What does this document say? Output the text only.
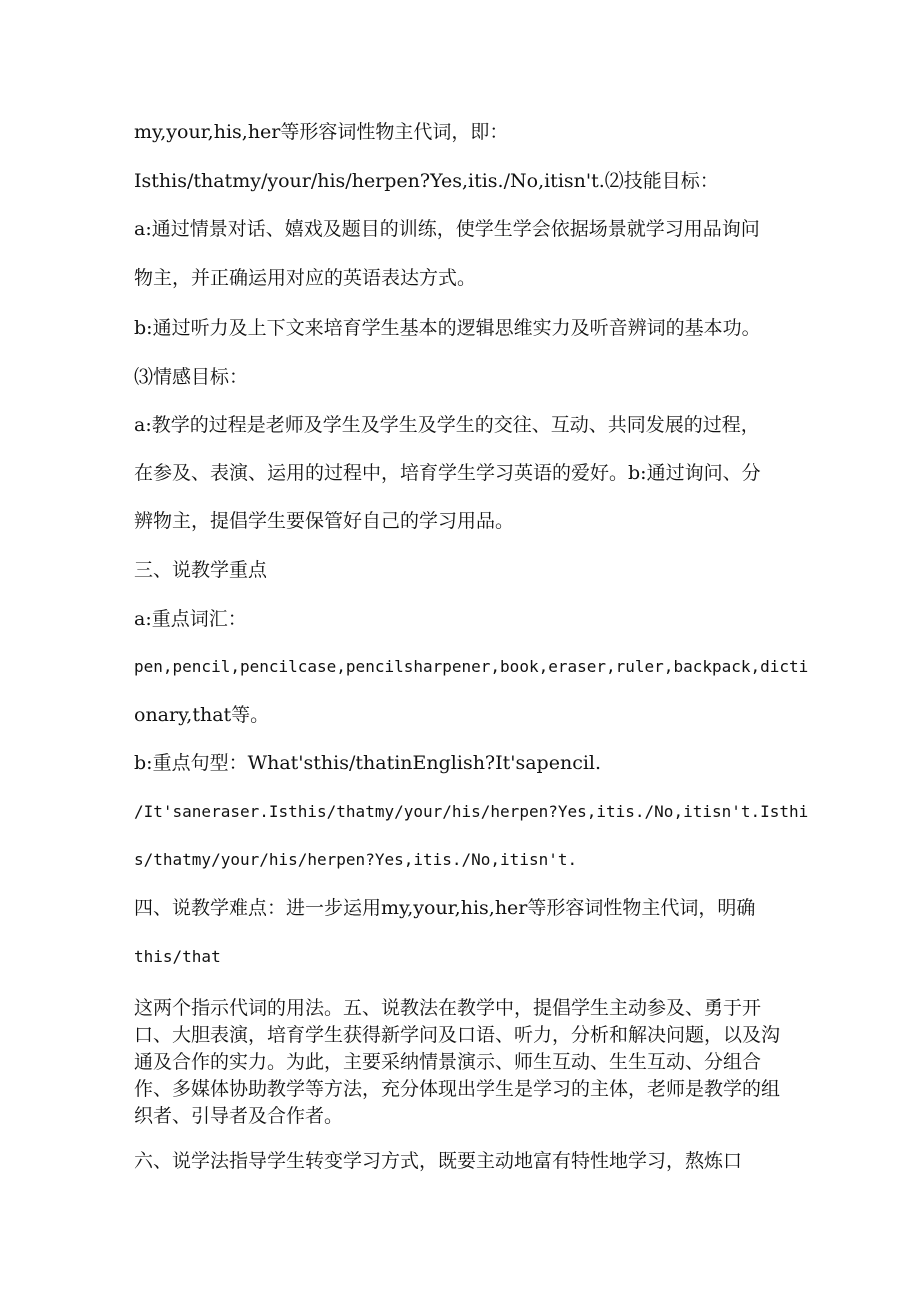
my,your,his,her等形容词性物主代词，即：
Isthis/thatmy/your/his/herpen?Yes,itis./No,itisn't.⑵技能目标：
a:通过情景对话、嬉戏及题目的训练，使学生学会依据场景就学习用品询问
物主，并正确运用对应的英语表达方式。
b:通过听力及上下文来培育学生基本的逻辑思维实力及听音辨词的基本功。
⑶情感目标：
a:教学的过程是老师及学生及学生及学生的交往、互动、共同发展的过程，
在参及、表演、运用的过程中，培育学生学习英语的爱好。b:通过询问、分
辨物主，提倡学生要保管好自己的学习用品。
三、说教学重点
a:重点词汇：
pen,pencil,pencilcase,pencilsharpener,book,eraser,ruler,backpack,dicti
onary,that等。
b:重点句型：What'sthis/thatinEnglish?It'sapencil.
/It'saneraser.Isthis/thatmy/your/his/herpen?Yes,itis./No,itisn't.Isthi
s/thatmy/your/his/herpen?Yes,itis./No,itisn't.
四、说教学难点：进一步运用my,your,his,her等形容词性物主代词，明确
this/that
这两个指示代词的用法。五、说教法在教学中，提倡学生主动参及、勇于开口、大胆表演，培育学生获得新学问及口语、听力，分析和解决问题，以及沟通及合作的实力。为此，主要采纳情景演示、师生互动、生生互动、分组合作、多媒体协助教学等方法，充分体现出学生是学习的主体，老师是教学的组织者、引导者及合作者。
六、说学法指导学生转变学习方式，既要主动地富有特性地学习，熬炼口
